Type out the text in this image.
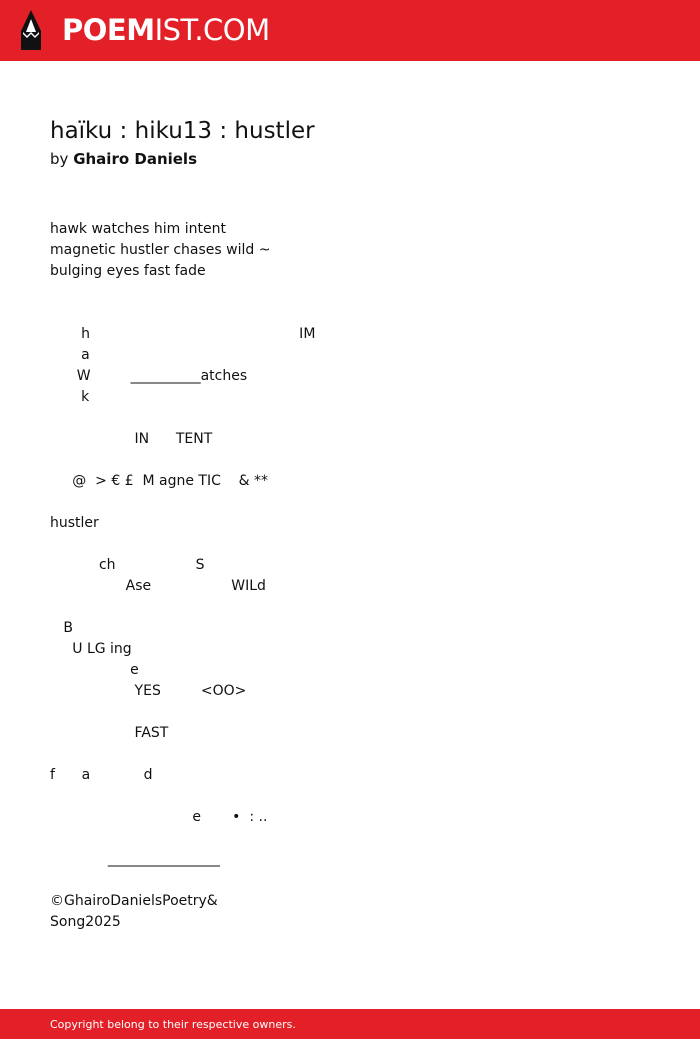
POEMIST.COM
haïku : hiku13 : hustler
by Ghairo Daniels
hawk watches him intent
magnetic hustler chases wild ~
bulging eyes fast fade

h                                               IM
a
W         __________atches
k

IN      TENT

@  > € £  M agne TIC    & **

hustler

ch                  S
Ase                  WILd

B
U LG ing
e
YES         <OO>

FAST

f      a            d

e       •  : ..

________________

©GhairoDanielsPoetry&
Song2025
Copyright belong to their respective owners.
